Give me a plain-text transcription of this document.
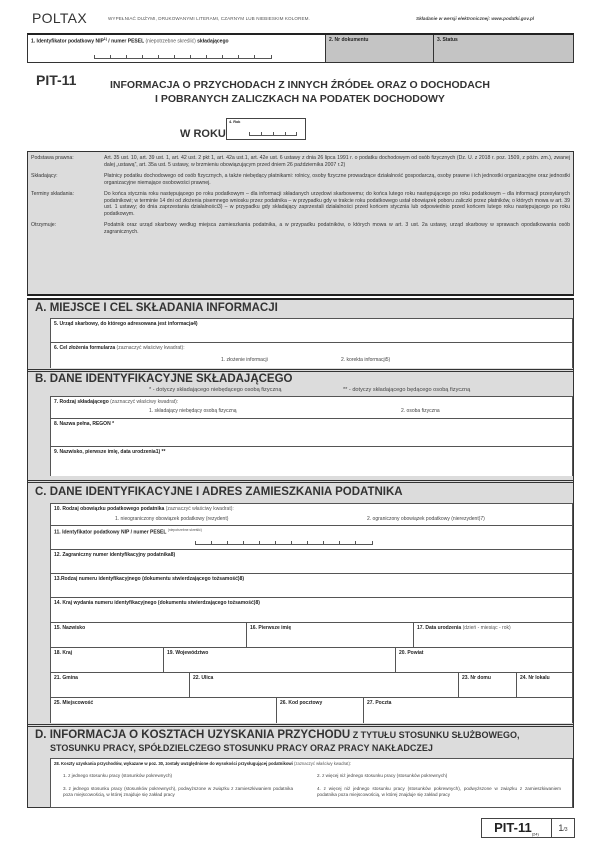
POLTAX	WYPEŁNIAĆ DUŻYMI, DRUKOWANYMI LITERAMI, CZARNYM LUB NIEBIESKIM KOLOREM.	Składanie w wersji elektronicznej: www.podatki.gov.pl
1. Identyfikator podatkowy NIP$^{1)}$ / numer PESEL (niepotrzebne skreślić) składającego	2. Nr dokumentu	3. Status
PIT-11	INFORMACJA O PRZYCHODACH Z INNYCH ŹRÓDEŁ ORAZ O DOCHODACH
I POBRANYCH ZALICZKACH NA PODATEK DOCHODOWY
W ROKU
4. Rok
Podstawa prawna:	Art. 35 ust. 10, art. 39 ust. 1, art. 42 ust. 2 pkt 1, art. 42a ust.1, art. 42e ust. 6 ustawy z dnia 26 lipca 1991 r. o podatku dochodowym od osób fizycznych (Dz. U. z 2018 r. poz. 1509, z późn. zm.), zwanej dalej „ustawą”, art. 35a ust. 5 ustawy, w brzmieniu obowiązującym przed dniem 26 października 2007 r.2)
Składający:	Płatnicy podatku dochodowego od osób fizycznych, a także niebędący płatnikami: rolnicy, osoby fizyczne prowadzące działalność gospodarczą, osoby prawne i ich jednostki organizacyjne oraz jednostki organizacyjne niemające osobowości prawnej.
Terminy składania:	Do końca stycznia roku następującego po roku podatkowym – dla informacji składanych urzędowi skarbowemu; do końca lutego roku następującego po roku podatkowym – dla informacji przesyłanych podatnikowi; w terminie 14 dni od złożenia pisemnego wniosku przez podatnika – w przypadku gdy w trakcie roku podatkowego ustał obowiązek poboru zaliczki przez płatników, o których mowa w art. 39 ust. 1 ustawy; do dnia zaprzestania działalności3) – w przypadku gdy składający zaprzestali działalności przed końcem stycznia lub odpowiednio przed końcem lutego roku następującego po roku podatkowym.
Otrzymuje:	Podatnik oraz urząd skarbowy według miejsca zamieszkania podatnika, a w przypadku podatników, o których mowa w art. 3 ust. 2a ustawy, urząd skarbowy w sprawach opodatkowania osób zagranicznych.
A. MIEJSCE I CEL SKŁADANIA INFORMACJI
5. Urząd skarbowy, do którego adresowana jest informacja4)
6. Cel złożenia formularza (zaznaczyć właściwy kwadrat):
1. złożenie informacji	2. korekta informacji5)
B. DANE IDENTYFIKACYJNE SKŁADAJĄCEGO
* - dotyczy składającego niebędącego osobą fizyczną	** - dotyczy składającego będącego osobą fizyczną
7. Rodzaj składającego (zaznaczyć właściwy kwadrat):
1. składający niebędący osobą fizyczną	2. osoba fizyczna
8. Nazwa pełna, REGON *
9. Nazwisko, pierwsze imię, data urodzenia1) **
C. DANE IDENTYFIKACYJNE I ADRES ZAMIESZKANIA PODATNIKA
10. Rodzaj obowiązku podatkowego podatnika (zaznaczyć właściwy kwadrat):
1. nieograniczony obowiązek podatkowy (rezydent)	2. ograniczony obowiązek podatkowy (nierezydent)7)
11. Identyfikator podatkowy NIP / numer PESEL $^{(niepotrzebne skreślić)}$
12. Zagraniczny numer identyfikacyjny podatnika8)
13.Rodzaj numeru identyfikacyjnego (dokumentu stwierdzającego tożsamość)8)
14. Kraj wydania numeru identyfikacyjnego (dokumentu stwierdzającego tożsamość)8)
15. Nazwisko	16. Pierwsze imię	17. Data urodzenia (dzień - miesiąc - rok)
18. Kraj	19. Województwo	20. Powiat
21. Gmina	22. Ulica	23. Nr domu	24. Nr lokalu
25. Miejscowość	26. Kod pocztowy	27. Poczta
D. INFORMACJA O KOSZTACH UZYSKANIA PRZYCHODU Z TYTUŁU STOSUNKU SŁUŻBOWEGO,
STOSUNKU PRACY, SPÓŁDZIELCZEGO STOSUNKU PRACY ORAZ PRACY NAKŁADCZEJ
28. Koszty uzyskania przychodów, wykazane w poz. 30, zostały uwzględnione do wysokości przysługującej podatnikowi (zaznaczyć właściwy kwadrat):
1. z jednego stosunku pracy (stosunków pokrewnych)	2. z więcej niż jednego stosunku pracy (stosunków pokrewnych)
3. z jednego stosunku pracy (stosunków pokrewnych), podwyższone w związku z zamieszkiwaniem podatnika poza miejscowością, w której znajduje się zakład pracy
4. z więcej niż jednego stosunku pracy (stosunków pokrewnych), podwyższone w związku z zamieszkiwaniem podatnika poza miejscowością, w której znajduje się zakład pracy
PIT-$11_{(24)}$
1/3
